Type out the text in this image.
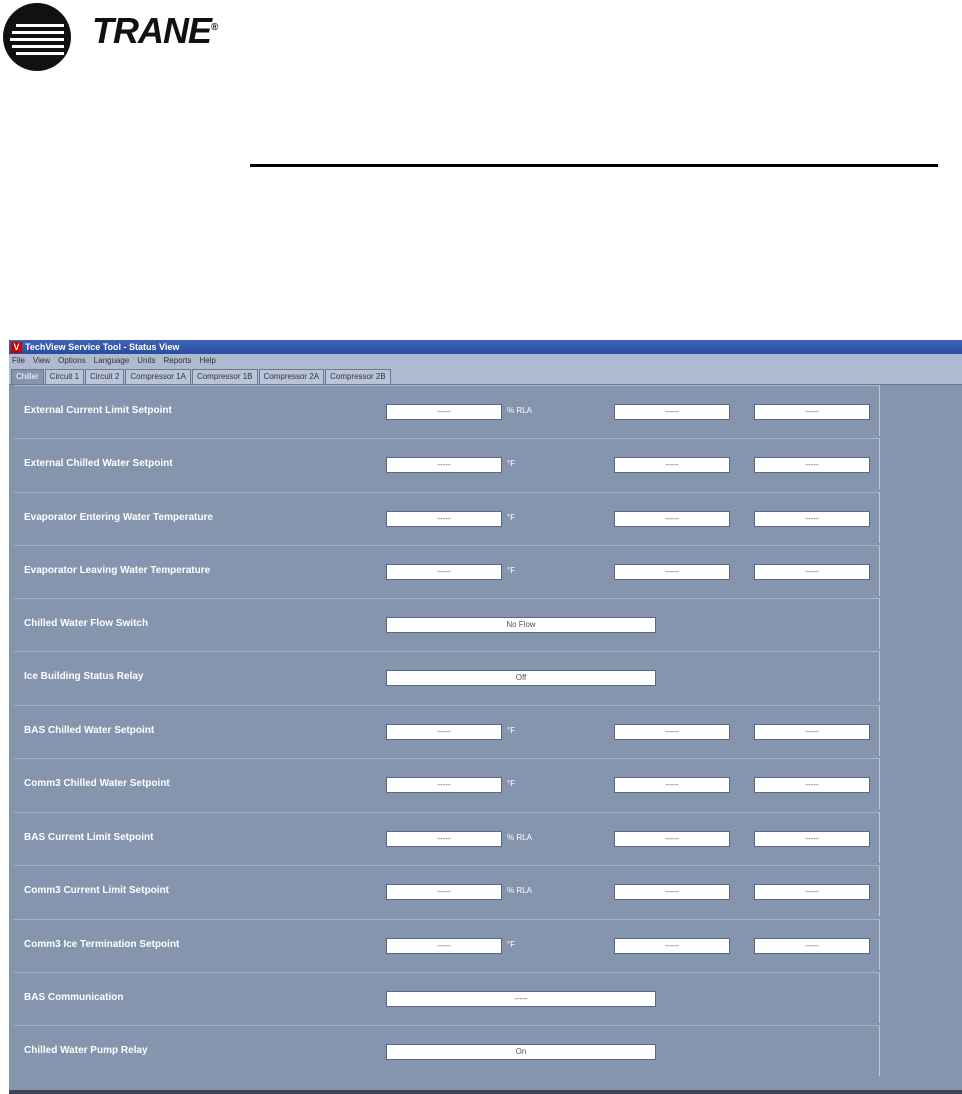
TRANE®
V TechView Service Tool - Status View
File View Options Language Units Reports Help
Chiller	Circuit 1	Circuit 2	Compressor 1A	Compressor 1B	Compressor 2A	Compressor 2B
External Current Limit Setpoint	-----	% RLA	-----	-----
External Chilled Water Setpoint	-----	°F	-----	-----
Evaporator Entering Water Temperature	-----	°F	-----	-----
Evaporator Leaving Water Temperature	-----	°F	-----	-----
Chilled Water Flow Switch	No Flow
Ice Building Status Relay	Off
BAS Chilled Water Setpoint	-----	°F	-----	-----
Comm3 Chilled Water Setpoint	-----	°F	-----	-----
BAS Current Limit Setpoint	-----	% RLA	-----	-----
Comm3 Current Limit Setpoint	-----	% RLA	-----	-----
Comm3 Ice Termination Setpoint	-----	°F	-----	-----
BAS Communication	-----
Chilled Water Pump Relay	On
